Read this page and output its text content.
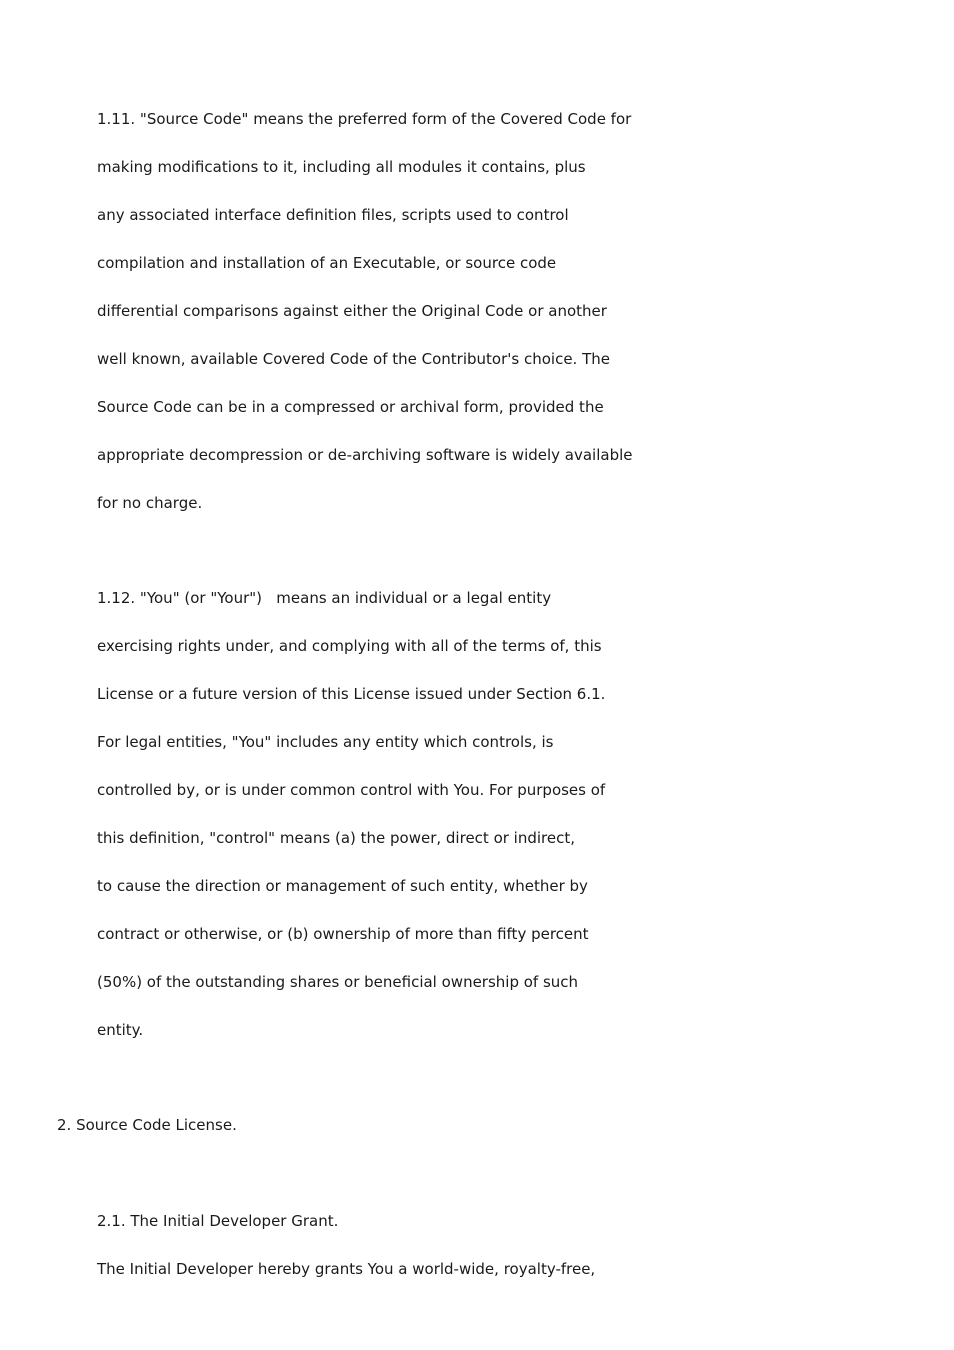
1.11. "Source Code" means the preferred form of the Covered Code for
making modifications to it, including all modules it contains, plus
any associated interface definition files, scripts used to control
compilation and installation of an Executable, or source code
differential comparisons against either the Original Code or another
well known, available Covered Code of the Contributor's choice. The
Source Code can be in a compressed or archival form, provided the
appropriate decompression or de-archiving software is widely available
for no charge.
1.12. "You" (or "Your")   means an individual or a legal entity
exercising rights under, and complying with all of the terms of, this
License or a future version of this License issued under Section 6.1.
For legal entities, "You" includes any entity which controls, is
controlled by, or is under common control with You. For purposes of
this definition, "control" means (a) the power, direct or indirect,
to cause the direction or management of such entity, whether by
contract or otherwise, or (b) ownership of more than fifty percent
(50%) of the outstanding shares or beneficial ownership of such
entity.
2. Source Code License.
2.1. The Initial Developer Grant.
The Initial Developer hereby grants You a world-wide, royalty-free,
